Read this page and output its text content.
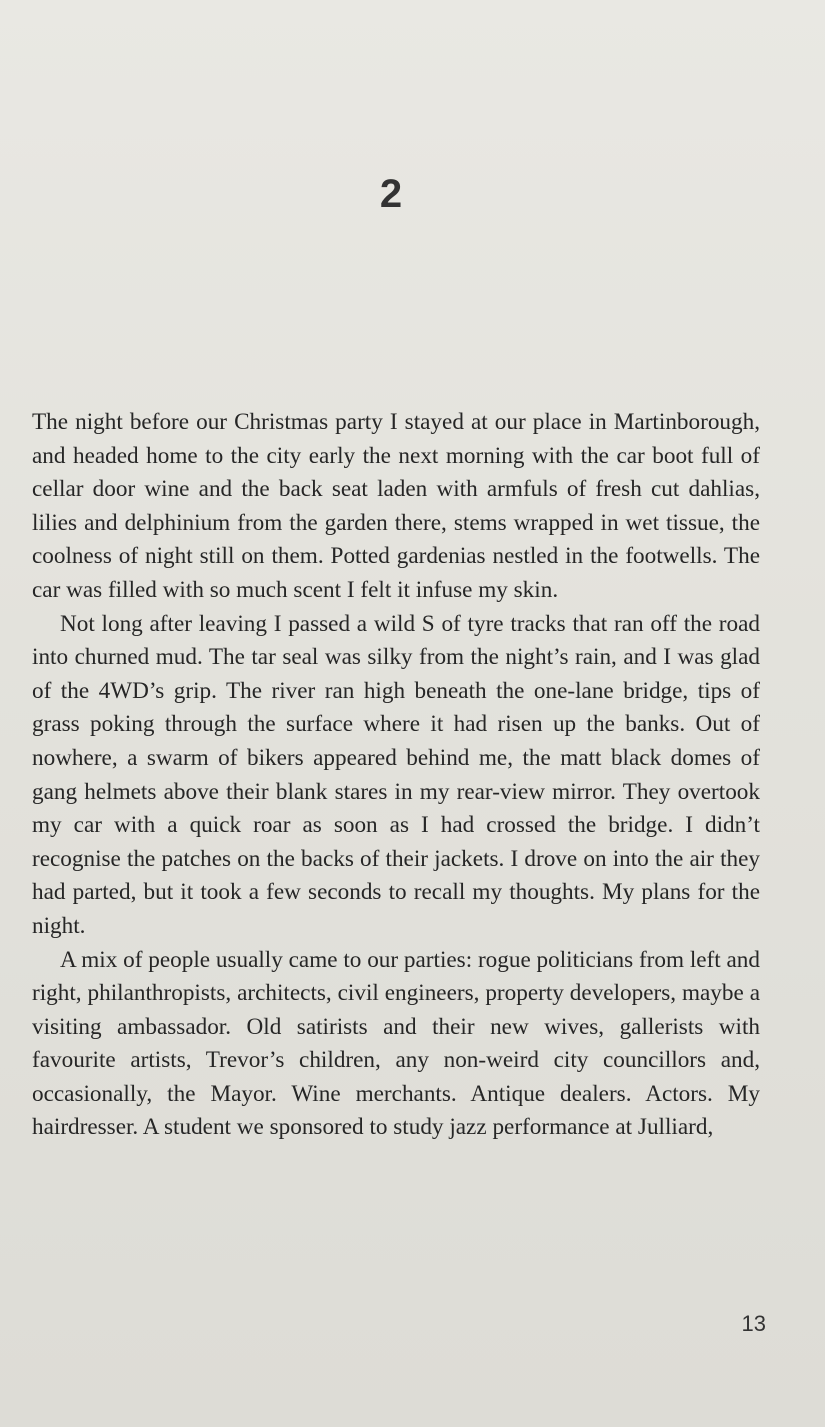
2

The night before our Christmas party I stayed at our place in Martinborough, and headed home to the city early the next morning with the car boot full of cellar door wine and the back seat laden with armfuls of fresh cut dahlias, lilies and delphinium from the garden there, stems wrapped in wet tissue, the coolness of night still on them. Potted gardenias nestled in the footwells. The car was filled with so much scent I felt it infuse my skin.

Not long after leaving I passed a wild S of tyre tracks that ran off the road into churned mud. The tar seal was silky from the night’s rain, and I was glad of the 4WD’s grip. The river ran high beneath the one-lane bridge, tips of grass poking through the surface where it had risen up the banks. Out of nowhere, a swarm of bikers appeared behind me, the matt black domes of gang helmets above their blank stares in my rear-view mirror. They overtook my car with a quick roar as soon as I had crossed the bridge. I didn’t recognise the patches on the backs of their jackets. I drove on into the air they had parted, but it took a few seconds to recall my thoughts. My plans for the night.

A mix of people usually came to our parties: rogue politicians from left and right, philanthropists, architects, civil engineers, property developers, maybe a visiting ambassador. Old satirists and their new wives, gallerists with favourite artists, Trevor’s children, any non-weird city councillors and, occasionally, the Mayor. Wine merchants. Antique dealers. Actors. My hairdresser. A student we sponsored to study jazz performance at Julliard,

13
